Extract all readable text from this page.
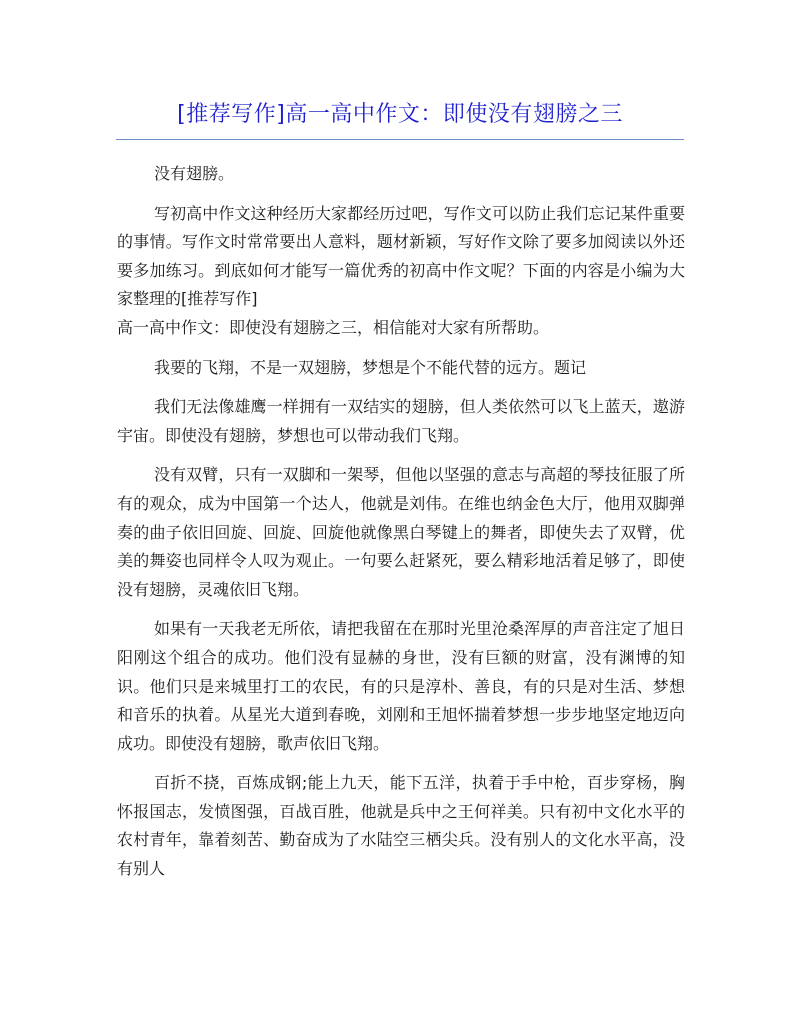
[推荐写作]高一高中作文：即使没有翅膀之三

没有翅膀。

写初高中作文这种经历大家都经历过吧，写作文可以防止我们忘记某件重要的事情。写作文时常常要出人意料，题材新颖，写好作文除了要多加阅读以外还要多加练习。到底如何才能写一篇优秀的初高中作文呢？下面的内容是小编为大家整理的[推荐写作]

高一高中作文：即使没有翅膀之三，相信能对大家有所帮助。

我要的飞翔，不是一双翅膀，梦想是个不能代替的远方。题记

我们无法像雄鹰一样拥有一双结实的翅膀，但人类依然可以飞上蓝天，遨游宇宙。即使没有翅膀，梦想也可以带动我们飞翔。

没有双臂，只有一双脚和一架琴，但他以坚强的意志与高超的琴技征服了所有的观众，成为中国第一个达人，他就是刘伟。在维也纳金色大厅，他用双脚弹奏的曲子依旧回旋、回旋、回旋他就像黑白琴键上的舞者，即使失去了双臂，优美的舞姿也同样令人叹为观止。一句要么赶紧死，要么精彩地活着足够了，即使没有翅膀，灵魂依旧飞翔。

如果有一天我老无所依，请把我留在在那时光里沧桑浑厚的声音注定了旭日阳刚这个组合的成功。他们没有显赫的身世，没有巨额的财富，没有渊博的知识。他们只是来城里打工的农民，有的只是淳朴、善良，有的只是对生活、梦想和音乐的执着。从星光大道到春晚，刘刚和王旭怀揣着梦想一步步地坚定地迈向成功。即使没有翅膀，歌声依旧飞翔。

百折不挠，百炼成钢;能上九天，能下五洋，执着于手中枪，百步穿杨，胸怀报国志，发愤图强，百战百胜，他就是兵中之王何祥美。只有初中文化水平的农村青年，靠着刻苦、勤奋成为了水陆空三栖尖兵。没有别人的文化水平高，没有别人
